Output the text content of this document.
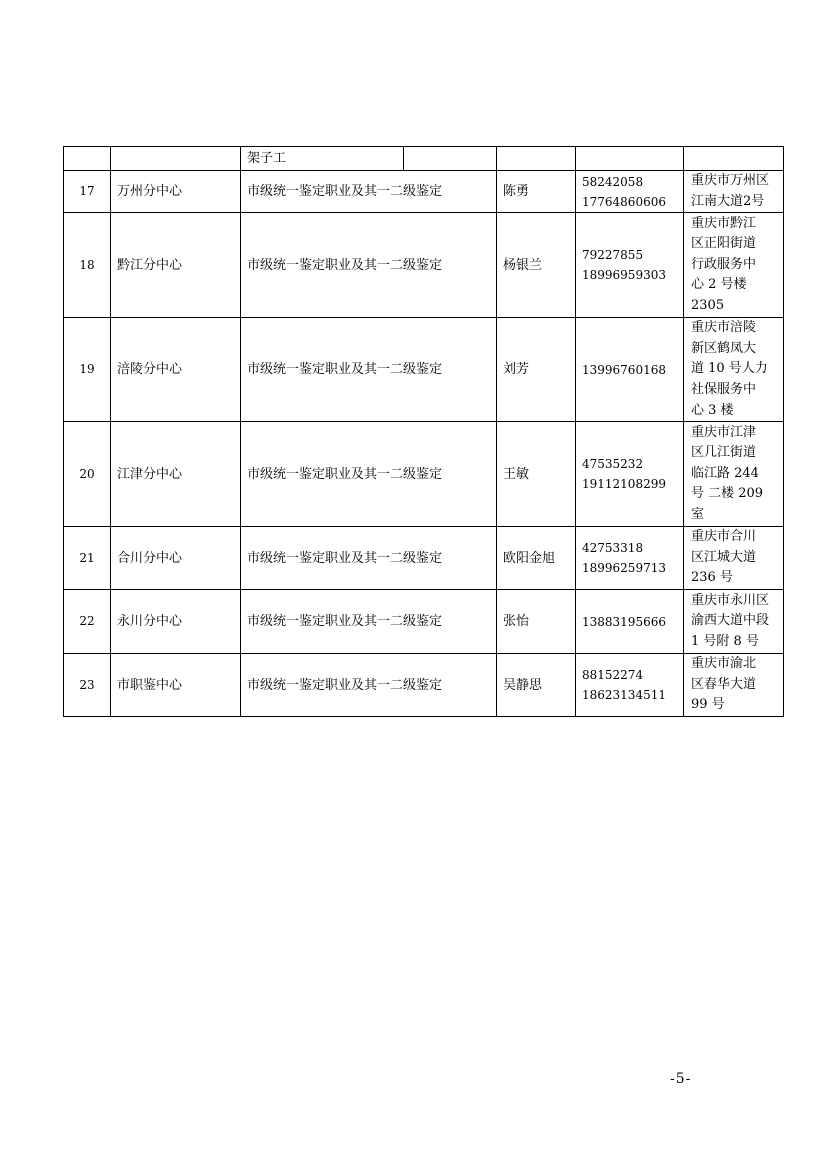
		架子工				
17	万州分中心	市级统一鉴定职业及其一二级鉴定		陈勇	58242058
17764860606	重庆市万州区
江南大道2号

18	黔江分中心	市级统一鉴定职业及其一二级鉴定		杨银兰	79227855
18996959303	重庆市黔江
区正阳街道
行政服务中
心 2 号楼
2305

19	涪陵分中心	市级统一鉴定职业及其一二级鉴定		刘芳	13996760168	重庆市涪陵
新区鹤凤大
道 10 号人力
社保服务中
心 3 楼

20	江津分中心	市级统一鉴定职业及其一二级鉴定		王敏	47535232
19112108299	重庆市江津
区几江街道
临江路 244
号 二楼 209
室

21	合川分中心	市级统一鉴定职业及其一二级鉴定		欧阳金旭	42753318
18996259713	重庆市合川
区江城大道
236 号

22	永川分中心	市级统一鉴定职业及其一二级鉴定		张怡	13883195666	重庆市永川区
渝西大道中段
1 号附 8 号

23	市职鉴中心	市级统一鉴定职业及其一二级鉴定		吴静思	88152274
18623134511	重庆市渝北
区春华大道
99 号
-5-
